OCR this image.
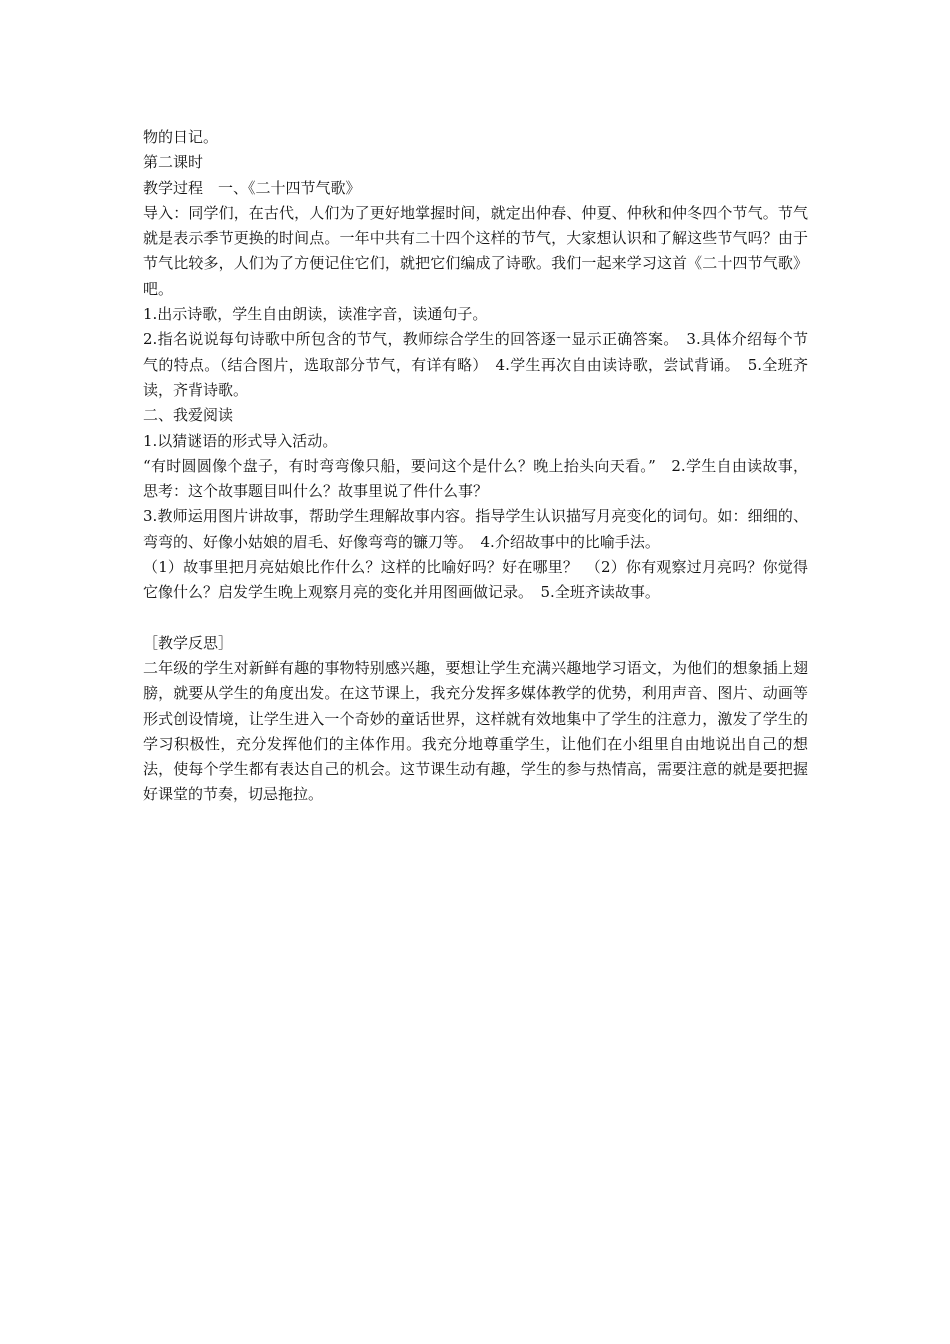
物的日记。

第二课时

教学过程　一、《二十四节气歌》

导入：同学们，在古代，人们为了更好地掌握时间，就定出仲春、仲夏、仲秋和仲冬四个节气。节气就是表示季节更换的时间点。一年中共有二十四个这样的节气，大家想认识和了解这些节气吗？由于节气比较多，人们为了方便记住它们，就把它们编成了诗歌。我们一起来学习这首《二十四节气歌》吧。

1.出示诗歌，学生自由朗读，读准字音，读通句子。

2.指名说说每句诗歌中所包含的节气，教师综合学生的回答逐一显示正确答案。　3.具体介绍每个节气的特点。（结合图片，选取部分节气，有详有略）　4.学生再次自由读诗歌，尝试背诵。　5.全班齐读，齐背诗歌。

二、我爱阅读

1.以猜谜语的形式导入活动。

“有时圆圆像个盘子，有时弯弯像只船，要问这个是什么？晚上抬头向天看。”　2.学生自由读故事，思考：这个故事题目叫什么？故事里说了件什么事？

3.教师运用图片讲故事，帮助学生理解故事内容。指导学生认识描写月亮变化的词句。如：细细的、弯弯的、好像小姑娘的眉毛、好像弯弯的镰刀等。　4.介绍故事中的比喻手法。

（1）故事里把月亮姑娘比作什么？这样的比喻好吗？好在哪里？　（2）你有观察过月亮吗？你觉得它像什么？启发学生晚上观察月亮的变化并用图画做记录。　5.全班齐读故事。

［教学反思］

二年级的学生对新鲜有趣的事物特别感兴趣，要想让学生充满兴趣地学习语文，为他们的想象插上翅膀，就要从学生的角度出发。在这节课上，我充分发挥多媒体教学的优势，利用声音、图片、动画等形式创设情境，让学生进入一个奇妙的童话世界，这样就有效地集中了学生的注意力，激发了学生的学习积极性，充分发挥他们的主体作用。我充分地尊重学生，让他们在小组里自由地说出自己的想法，使每个学生都有表达自己的机会。这节课生动有趣，学生的参与热情高，需要注意的就是要把握好课堂的节奏，切忌拖拉。
